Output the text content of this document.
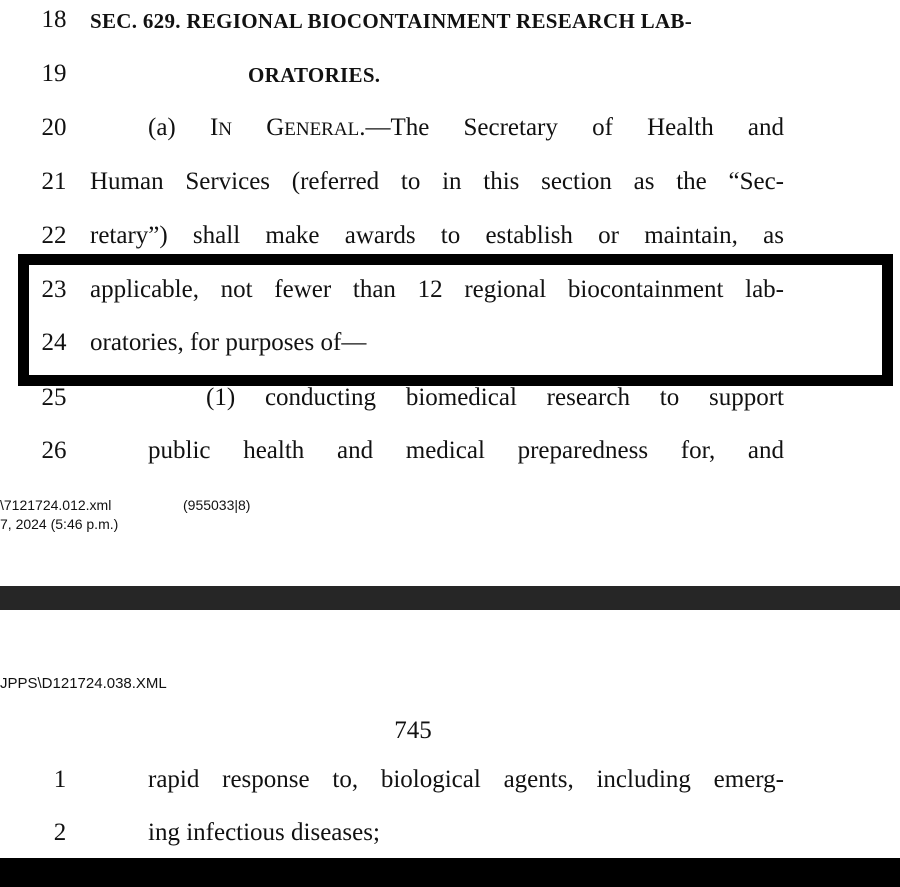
18	SEC. 629. REGIONAL BIOCONTAINMENT RESEARCH LAB-
19	ORATORIES.
20	(a) IN GENERAL.—The Secretary of Health and
21 Human Services (referred to in this section as the “Sec-
22 retary”) shall make awards to establish or maintain, as
23 applicable, not fewer than 12 regional biocontainment lab-
24 oratories, for purposes of—
25	(1) conducting biomedical research to support
26	public health and medical preparedness for, and
\7121724.012.xml	(955033|8)
7, 2024 (5:46 p.m.)
JPPS\D121724.038.XML
745
1	rapid response to, biological agents, including emerg-
2	ing infectious diseases;
